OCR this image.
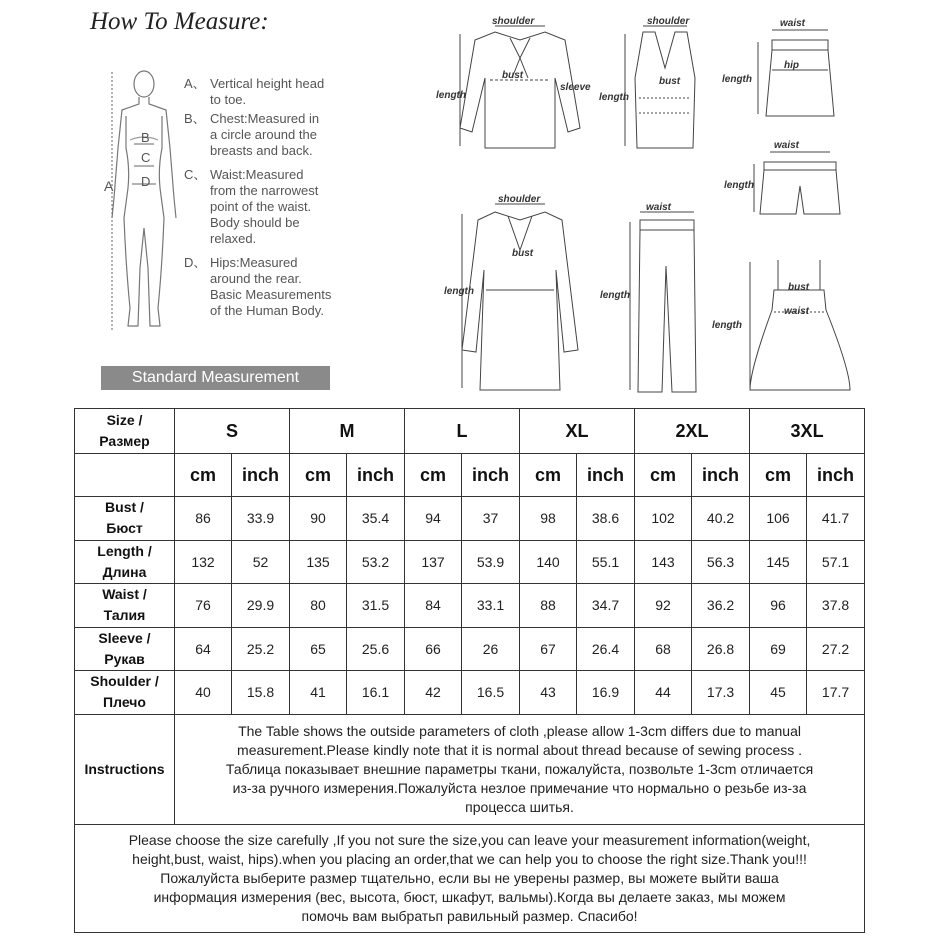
How To Measure:
A
B
C
D
A、 Vertical height head
to toe.
B、 Chest:Measured in
a circle around the
breasts and back.
C、 Waist:Measured
from the narrowest
point of the waist.
Body should be
relaxed.
D、 Hips:Measured
around the rear.
Basic Measurements
of the Human Body.
Standard Measurement
shoulder
bust
sleeve
length
shoulder
bust
length
waist
hip
length
waist
length
shoulder
bust
length
waist
length
bust
waist
length
Size /
Размер	S		M		L		XL		2XL		3XL	
	cm	inch	cm	inch	cm	inch	cm	inch	cm	inch	cm	inch
Bust /
Бюст	86	33.9	90	35.4	94	37	98	38.6	102	40.2	106	41.7
Length /
Длина	132	52	135	53.2	137	53.9	140	55.1	143	56.3	145	57.1
Waist /
Талия	76	29.9	80	31.5	84	33.1	88	34.7	92	36.2	96	37.8
Sleeve /
Рукав	64	25.2	65	25.6	66	26	67	26.4	68	26.8	69	27.2
Shoulder /
Плечо	40	15.8	41	16.1	42	16.5	43	16.9	44	17.3	45	17.7
Instructions	The Table shows the outside parameters of cloth ,please allow 1-3cm differs due to manual
measurement.Please kindly note that it is normal about thread because of sewing process .
Таблица показывает внешние параметры ткани, пожалуйста, позвольте 1-3cm отличается
из-за ручного измерения.Пожалуйста незлое примечание что нормально о резьбе из-за
процесса шитья.											
Please choose the size carefully ,If you not sure the size,you can leave your measurement information(weight,
height,bust, waist, hips).when you placing an order,that we can help you to choose the right size.Thank you!!!
Пожалуйста выберите размер тщательно, если вы не уверены размер, вы можете выйти ваша
информация измерения (вес, высота, бюст, шкафут, вальмы).Когда вы делаете заказ, мы можем
помочь вам выбратьп равильный размер. Спасибо!												
